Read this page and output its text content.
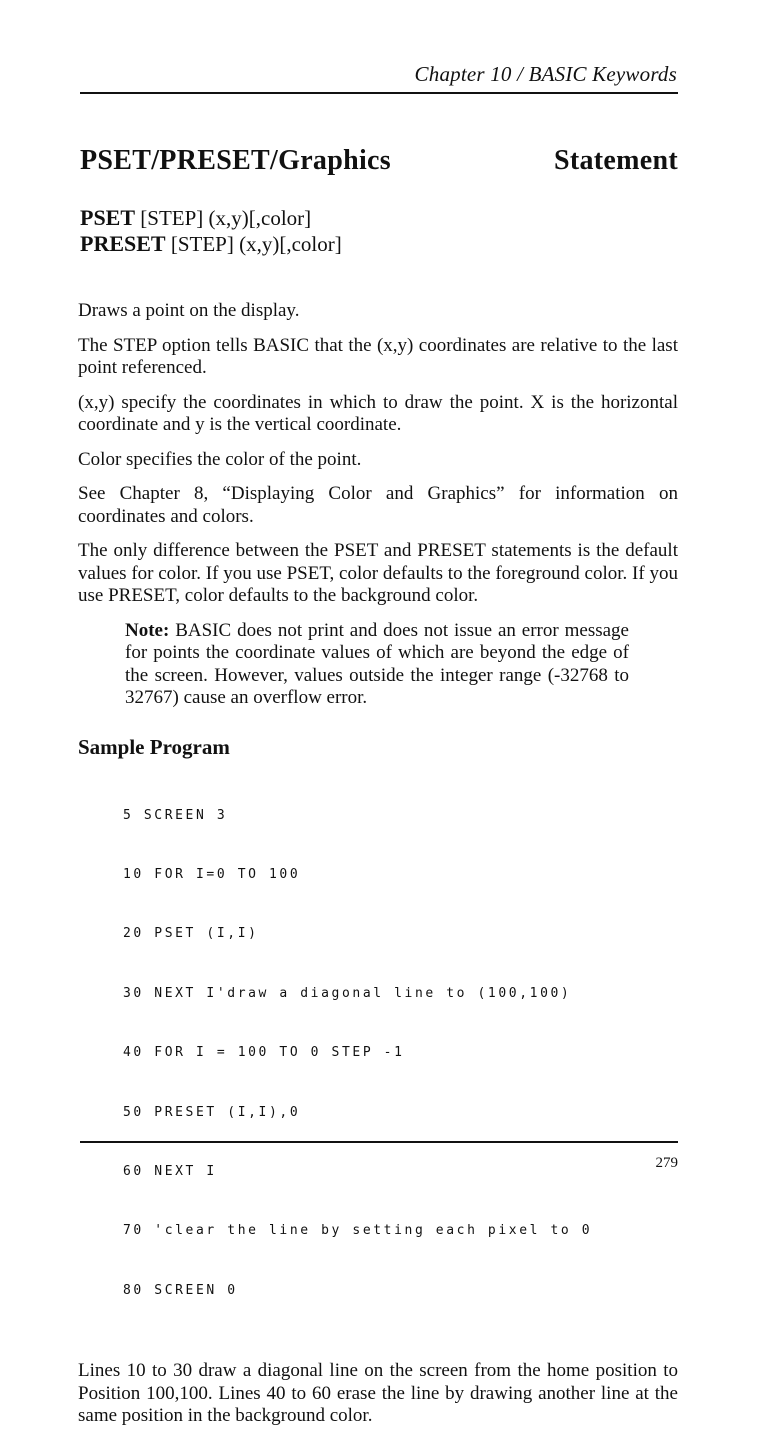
Chapter 10 / BASIC Keywords
PSET/PRESET/Graphics	Statement
PSET [STEP] (x,y)[,color]
PRESET [STEP] (x,y)[,color]

Draws a point on the display.

The STEP option tells BASIC that the (x,y) coordinates are relative to the last point referenced.

(x,y) specify the coordinates in which to draw the point. X is the horizontal coordinate and y is the vertical coordinate.

Color specifies the color of the point.

See Chapter 8, “Displaying Color and Graphics” for information on coordinates and colors.

The only difference between the PSET and PRESET statements is the default values for color. If you use PSET, color defaults to the foreground color. If you use PRESET, color defaults to the background color.

Note: BASIC does not print and does not issue an error message for points the coordinate values of which are beyond the edge of the screen. However, values outside the integer range (-32768 to 32767) cause an overflow error.

Sample Program

5 SCREEN 3

10 FOR I=0 TO 100

20 PSET (I,I)

30 NEXT I'draw a diagonal line to (100,100)

40 FOR I = 100 TO 0 STEP -1

50 PRESET (I,I),0

60 NEXT I

70 'clear the line by setting each pixel to 0

80 SCREEN 0

Lines 10 to 30 draw a diagonal line on the screen from the home position to Position 100,100. Lines 40 to 60 erase the line by drawing another line at the same position in the background color.

279
